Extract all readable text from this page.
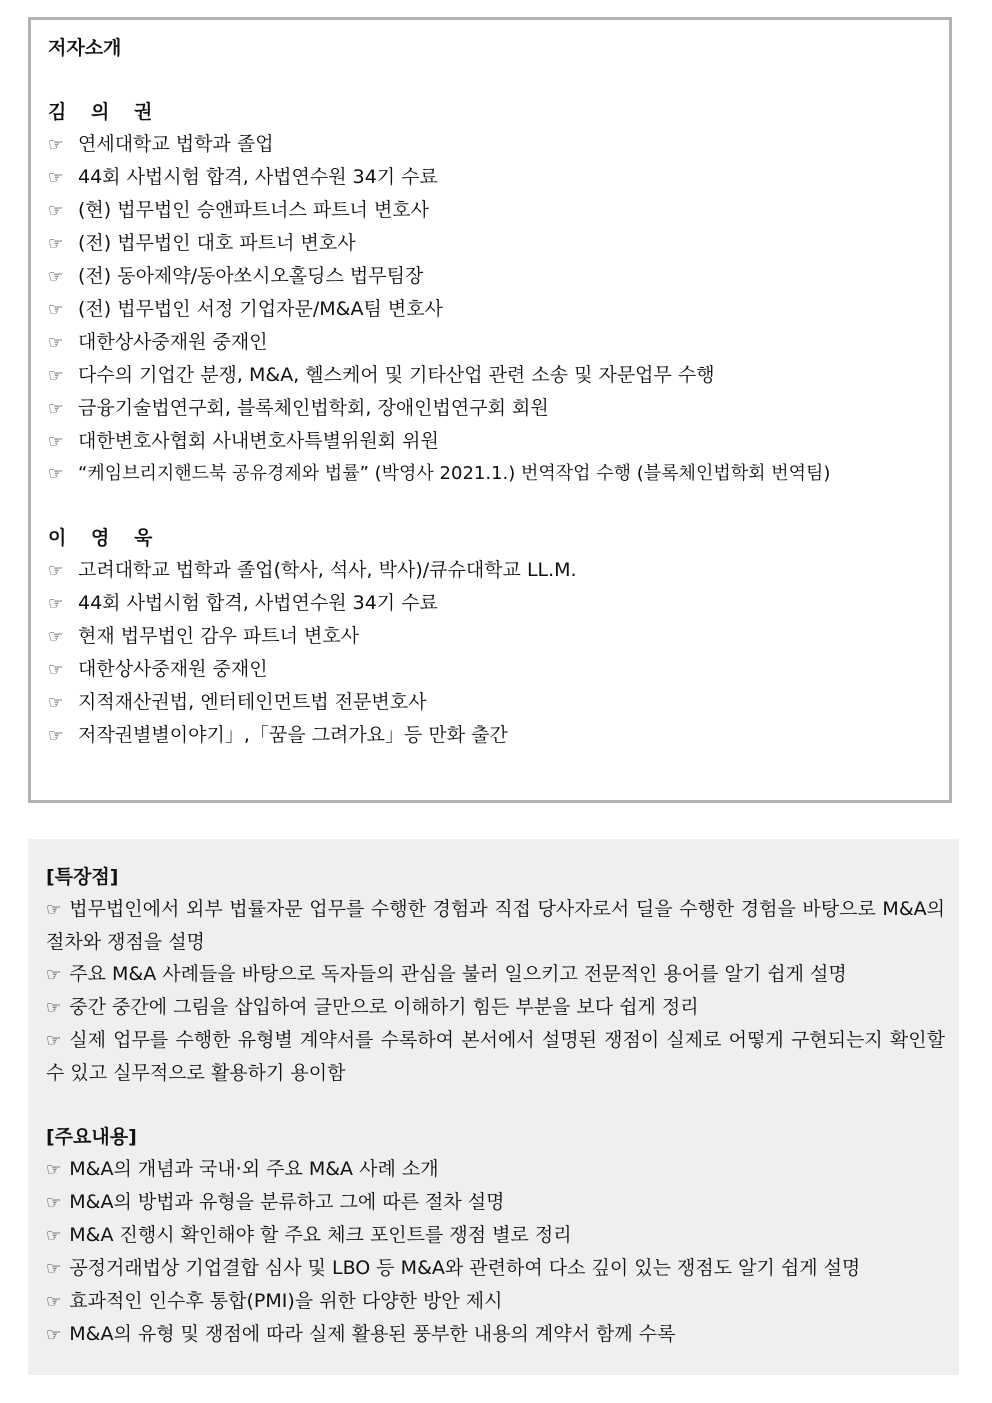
저자소개
김 의 권
☞ 연세대학교 법학과 졸업
☞ 44회 사법시험 합격, 사법연수원 34기 수료
☞ (현) 법무법인 승앤파트너스 파트너 변호사
☞ (전) 법무법인 대호 파트너 변호사
☞ (전) 동아제약/동아쏘시오홀딩스 법무팀장
☞ (전) 법무법인 서정 기업자문/M&A팀 변호사
☞ 대한상사중재원 중재인
☞ 다수의 기업간 분쟁, M&A, 헬스케어 및 기타산업 관련 소송 및 자문업무 수행
☞ 금융기술법연구회, 블록체인법학회, 장애인법연구회 회원
☞ 대한변호사협회 사내변호사특별위원회 위원
☞ “케임브리지핸드북 공유경제와 법률” (박영사 2021.1.) 번역작업 수행 (블록체인법학회 번역팀)
이 영 욱
☞ 고려대학교 법학과 졸업(학사, 석사, 박사)/큐슈대학교 LL.M.
☞ 44회 사법시험 합격, 사법연수원 34기 수료
☞ 현재 법무법인 감우 파트너 변호사
☞ 대한상사중재원 중재인
☞ 지적재산권법, 엔터테인먼트법 전문변호사
☞ 저작권별별이야기」,「꿈을 그려가요」등 만화 출간
[특장점]
☞ 법무법인에서 외부 법률자문 업무를 수행한 경험과 직접 당사자로서 딜을 수행한 경험을 바탕으로 M&A의 절차와 쟁점을 설명
☞ 주요 M&A 사례들을 바탕으로 독자들의 관심을 불러 일으키고 전문적인 용어를 알기 쉽게 설명
☞ 중간 중간에 그림을 삽입하여 글만으로 이해하기 힘든 부분을 보다 쉽게 정리
☞ 실제 업무를 수행한 유형별 계약서를 수록하여 본서에서 설명된 쟁점이 실제로 어떻게 구현되는지 확인할 수 있고 실무적으로 활용하기 용이함
[주요내용]
☞ M&A의 개념과 국내·외 주요 M&A 사례 소개
☞ M&A의 방법과 유형을 분류하고 그에 따른 절차 설명
☞ M&A 진행시 확인해야 할 주요 체크 포인트를 쟁점 별로 정리
☞ 공정거래법상 기업결합 심사 및 LBO 등 M&A와 관련하여 다소 깊이 있는 쟁점도 알기 쉽게 설명
☞ 효과적인 인수후 통합(PMI)을 위한 다양한 방안 제시
☞ M&A의 유형 및 쟁점에 따라 실제 활용된 풍부한 내용의 계약서 함께 수록
